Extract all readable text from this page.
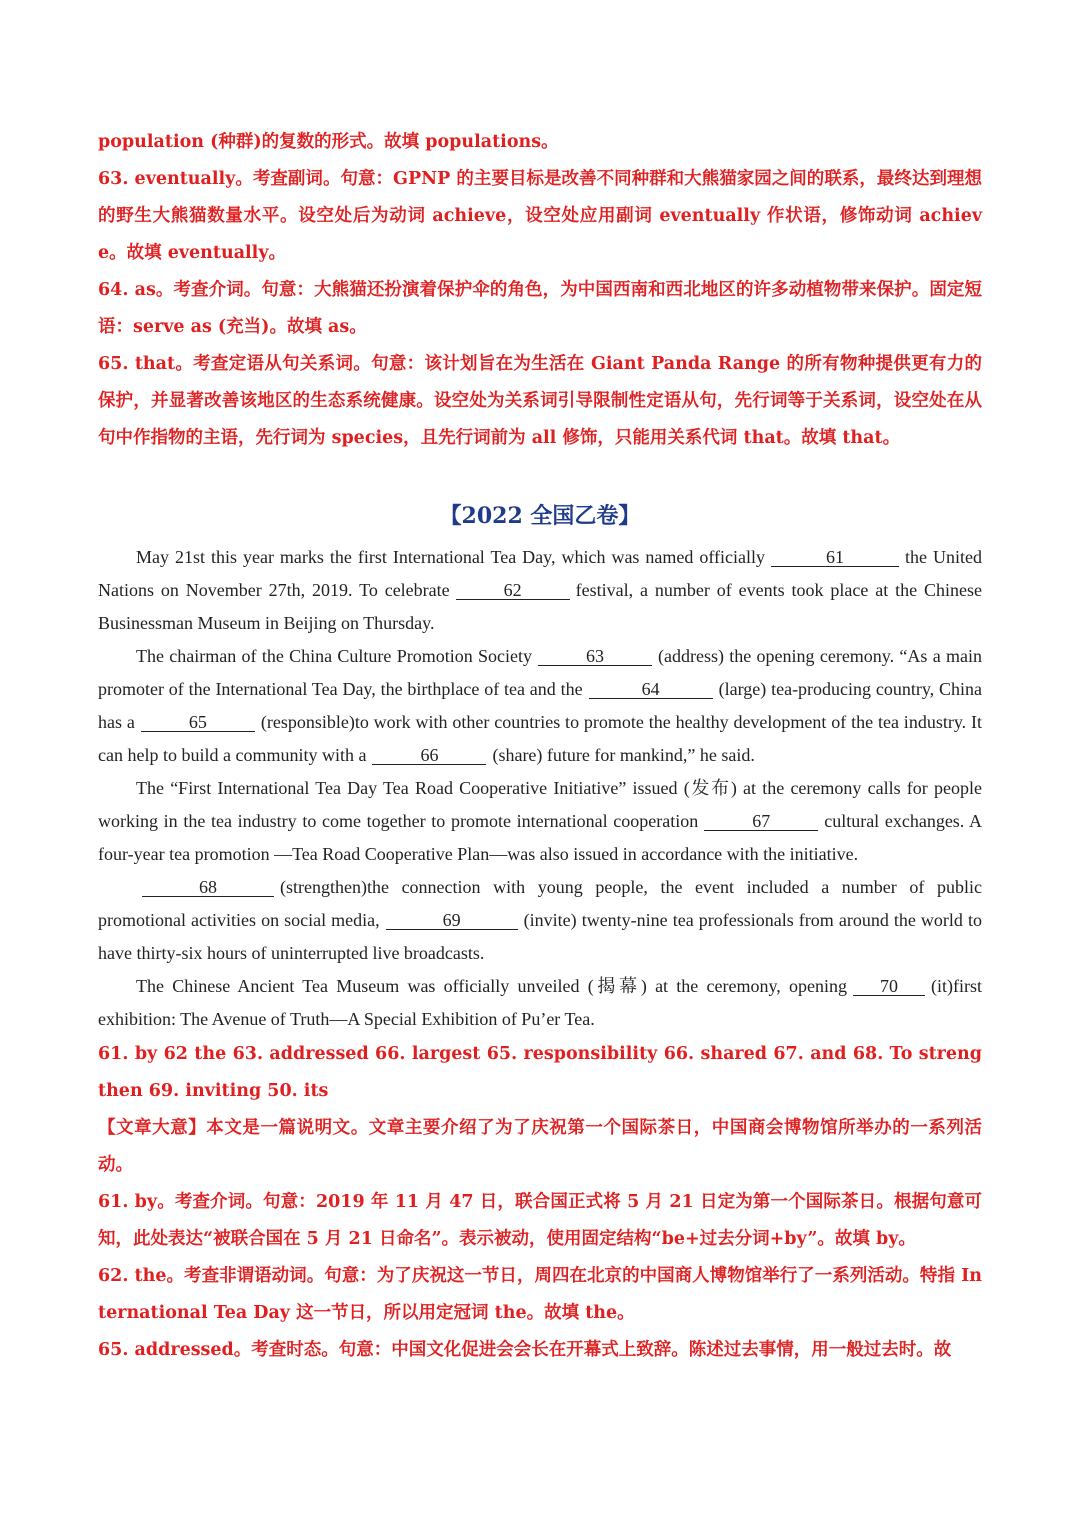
population (种群)的复数的形式。故填 populations。

63. eventually。考查副词。句意：GPNP 的主要目标是改善不同种群和大熊猫家园之间的联系，最终达到理想的野生大熊猫数量水平。设空处后为动词 achieve，设空处应用副词 eventually 作状语，修饰动词 achieve。故填 eventually。

64. as。考查介词。句意：大熊猫还扮演着保护伞的角色，为中国西南和西北地区的许多动植物带来保护。固定短语：serve as (充当)。故填 as。

65. that。考查定语从句关系词。句意：该计划旨在为生活在 Giant Panda Range 的所有物种提供更有力的保护，并显著改善该地区的生态系统健康。设空处为关系词引导限制性定语从句，先行词等于关系词，设空处在从句中作指物的主语，先行词为 species，且先行词前为 all 修饰，只能用关系代词 that。故填 that。

【2022 全国乙卷】

May 21st this year marks the first International Tea Day, which was named officially	61	the United Nations on November 27th, 2019. To celebrate	62	festival, a number of events took place at the Chinese Businessman Museum in Beijing on Thursday.

The chairman of the China Culture Promotion Society	63	(address) the opening ceremony. “As a main promoter of the International Tea Day, the birthplace of tea and the	64	(large) tea-producing country, China has a	65	(responsible)to work with other countries to promote the healthy development of the tea industry. It can help to build a community with a	66	(share) future for mankind,” he said.

The “First International Tea Day Tea Road Cooperative Initiative” issued (发布) at the ceremony calls for people working in the tea industry to come together to promote international cooperation	67	cultural exchanges. A four-year tea promotion —Tea Road Cooperative Plan—was also issued in accordance with the initiative.

68	(strengthen)the connection with young people, the event included a number of public promotional activities on social media,	69	(invite) twenty-nine tea professionals from around the world to have thirty-six hours of uninterrupted live broadcasts.

The Chinese Ancient Tea Museum was officially unveiled (揭幕) at the ceremony, opening 70 (it)first exhibition: The Avenue of Truth—A Special Exhibition of Pu’er Tea.

61. by 62 the 63. addressed 66. largest 65. responsibility 66. shared 67. and 68. To strengthen 69. inviting 50. its

【文章大意】本文是一篇说明文。文章主要介绍了为了庆祝第一个国际茶日，中国商会博物馆所举办的一系列活动。

61. by。考查介词。句意：2019 年 11 月 47 日，联合国正式将 5 月 21 日定为第一个国际茶日。根据句意可知，此处表达“被联合国在 5 月 21 日命名”。表示被动，使用固定结构“be+过去分词+by”。故填 by。

62. the。考查非谓语动词。句意：为了庆祝这一节日，周四在北京的中国商人博物馆举行了一系列活动。特指 International Tea Day 这一节日，所以用定冠词 the。故填 the。

65. addressed。考查时态。句意：中国文化促进会会长在开幕式上致辞。陈述过去事情，用一般过去时。故
